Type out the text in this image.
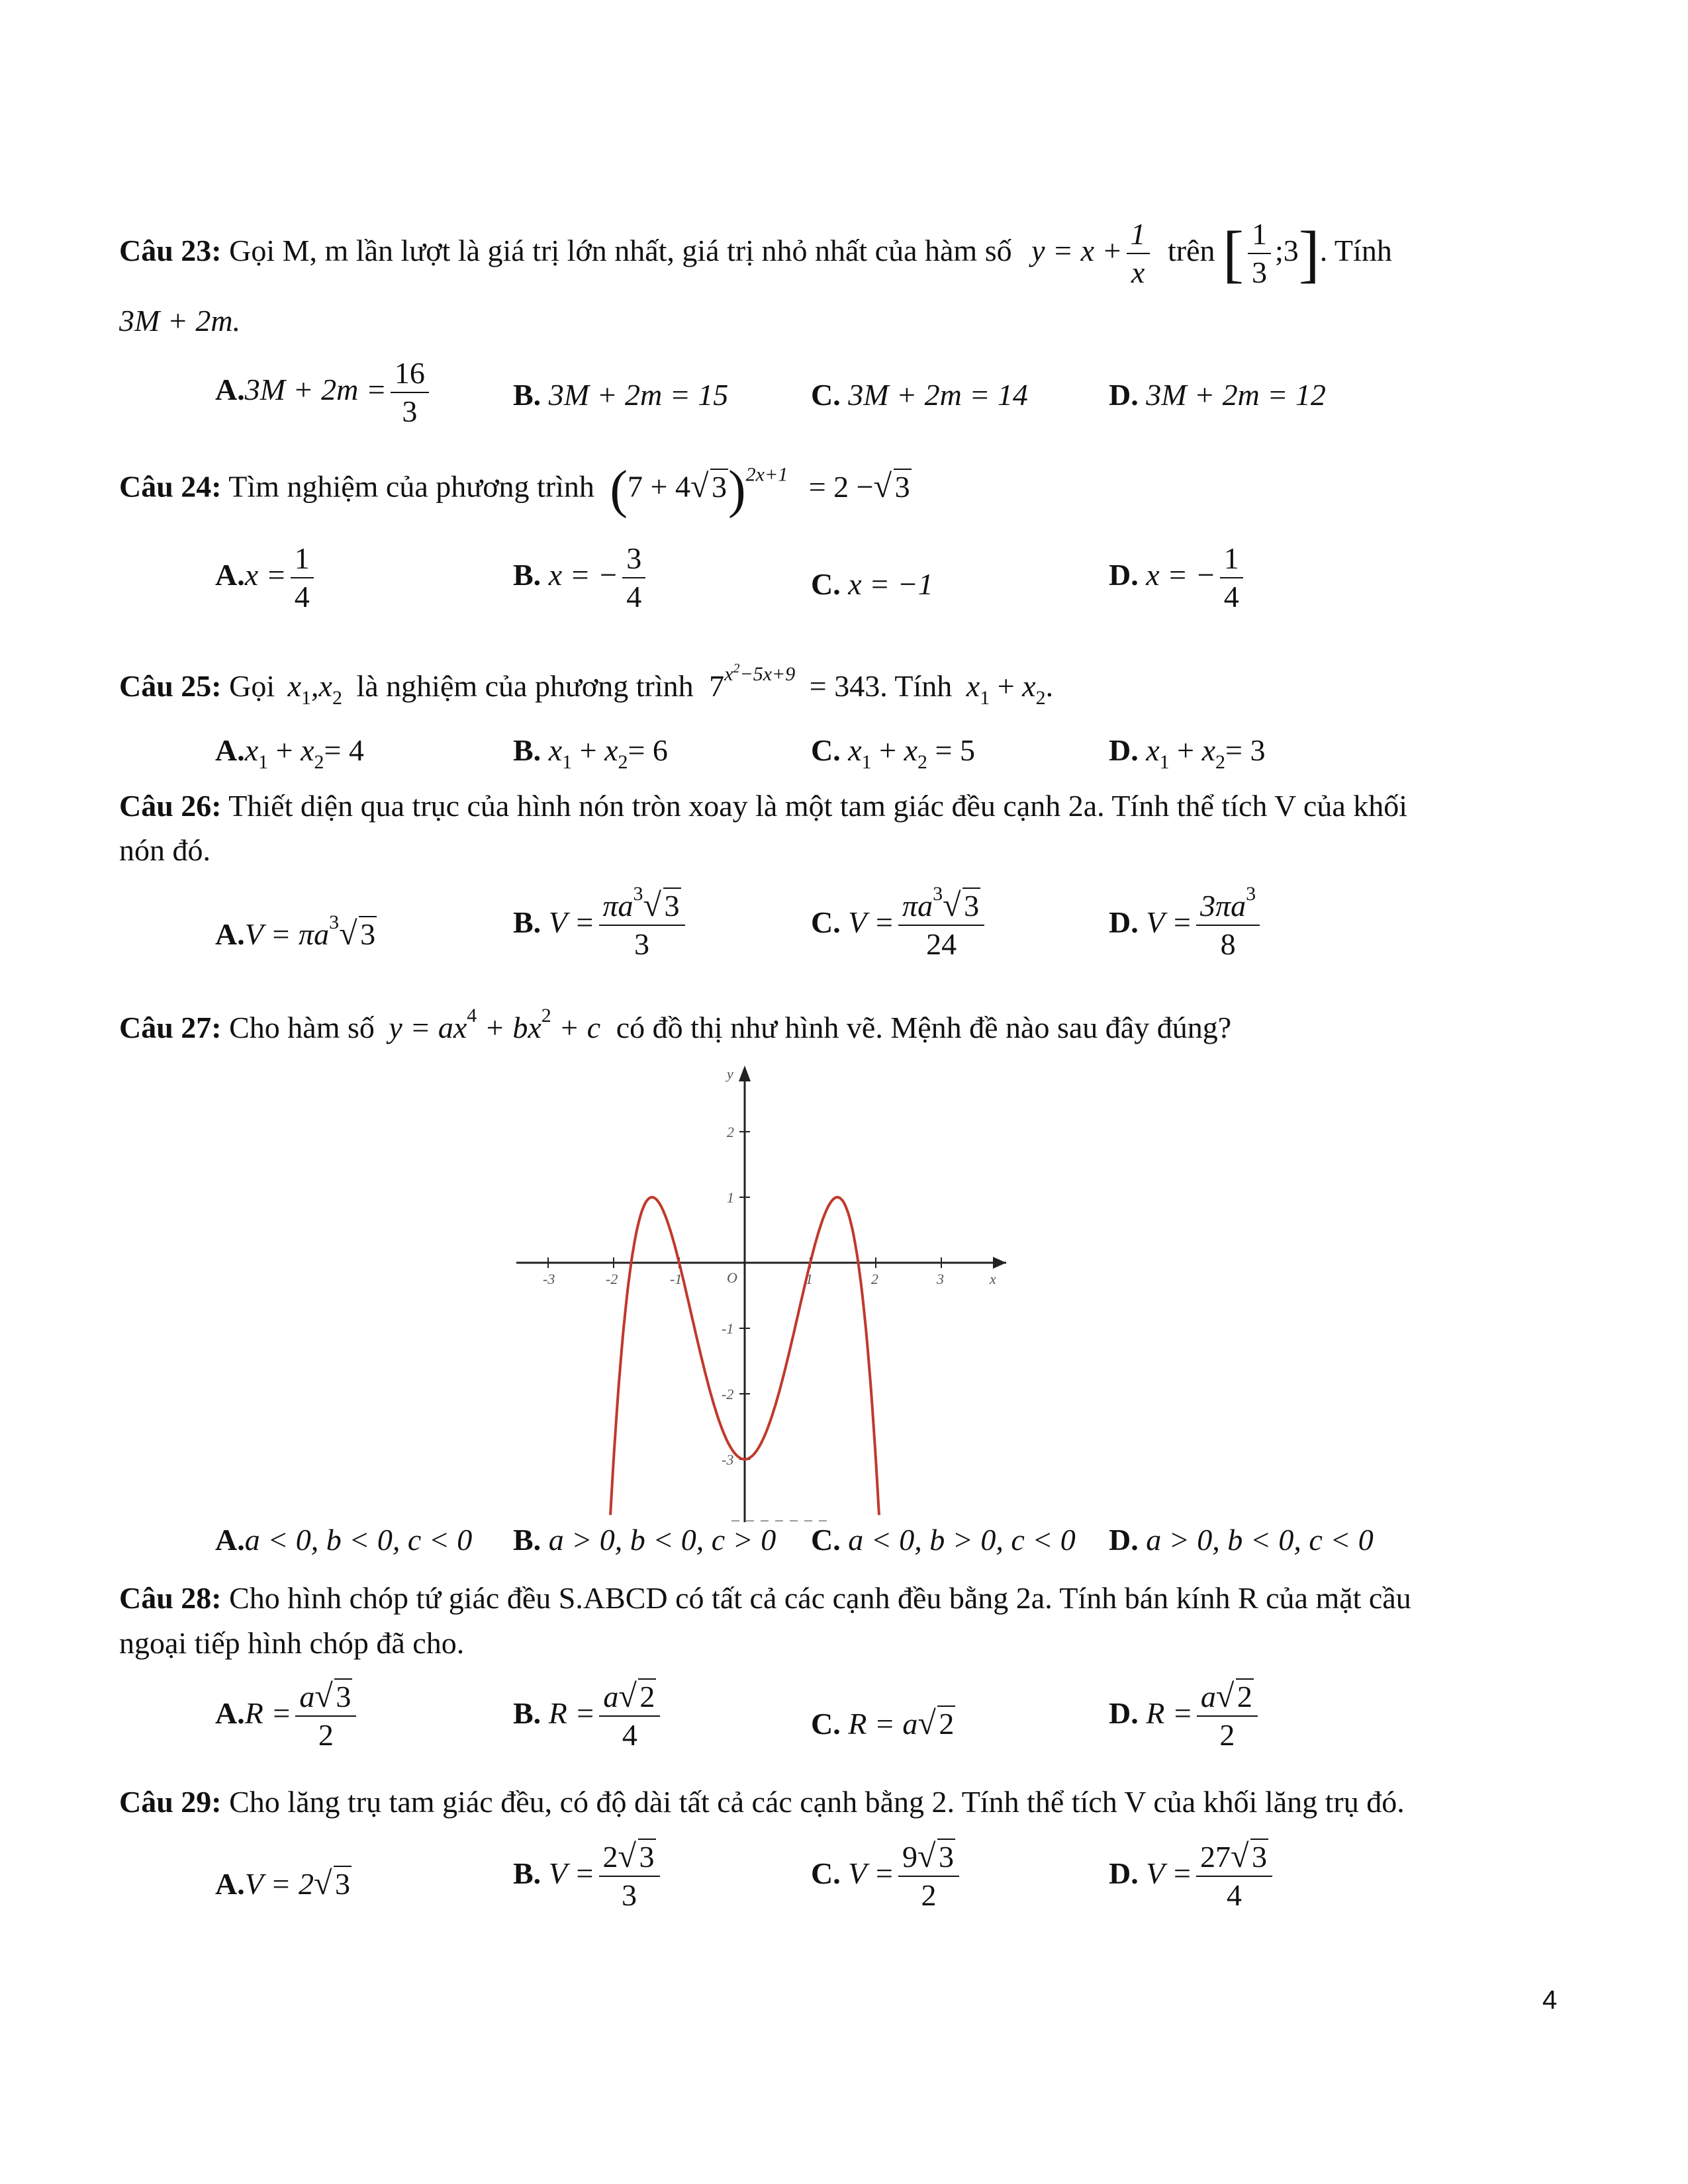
Câu 23: Gọi M, m lần lượt là giá trị lớn nhất, giá trị nhỏ nhất của hàm số $y = x + \frac{1}{x}$ trên [ $\frac{1}{3}$ ;3]. Tính
3M + 2m.
$A.3M + 2m = \frac{16}{3}$	B. 3M + 2m = 15	C. 3M + 2m = 14	D. 3M + 2m = 12
Câu 24: Tìm nghiệm của phương trình (7 + 4√ 3)$^{2x+1}$ = 2 −√ 3
$A.x = \frac{1}{4}$	B. x = − $\frac{3}{4}$	C. x = −1	D. x = − $\frac{1}{4}$
Câu 25: Gọi $x_1,x_2$ là nghiệm của phương trình $7^{x^2-5x+9} = 343$. Tính $x_1 + x_2$.
$A.x_1 + x_2= 4$	B. $x_1 + x_2= 6$	C. $x_1 + x_2 = 5$	D. $x_1 + x_2= 3$
Câu 26: Thiết diện qua trục của hình nón tròn xoay là một tam giác đều cạnh 2a. Tính thể tích V của khối
nón đó.
$A.V = \pi a^3√$ 3	B. $V = \frac{\pi a^3√ 3}{3}$	C. $V = \frac{\pi a^3√ 3}{24}$	D. $V = \frac{3\pi a^3}{8}$
Câu 27: Cho hàm số $y = ax^4 + bx^2 + c$ có đồ thị như hình vẽ. Mệnh đề nào sau đây đúng?
y
x
O
-3	-2	-1	1	2	3
2
1
-1
-2
-3
A.a < 0, b < 0, c < 0 B. a > 0, b < 0, c > 0 C. a < 0, b > 0, c < 0 D. a > 0, b < 0, c < 0
Câu 28: Cho hình chóp tứ giác đều S.ABCD có tất cả các cạnh đều bằng 2a. Tính bán kính R của mặt cầu
ngoại tiếp hình chóp đã cho.
$A.R = \frac{a√ 3}{2}$	B. $R = \frac{a√ 2}{4}$	C. R = a√ 2	D. $R = \frac{a√ 2}{2}$
Câu 29: Cho lăng trụ tam giác đều, có độ dài tất cả các cạnh bằng 2. Tính thể tích V của khối lăng trụ đó.
A.V = 2√ 3	B. $V = \frac{2√ 3}{3}$	C. $V = \frac{9√ 3}{2}$	D. $V = \frac{27√ 3}{4}$
4
